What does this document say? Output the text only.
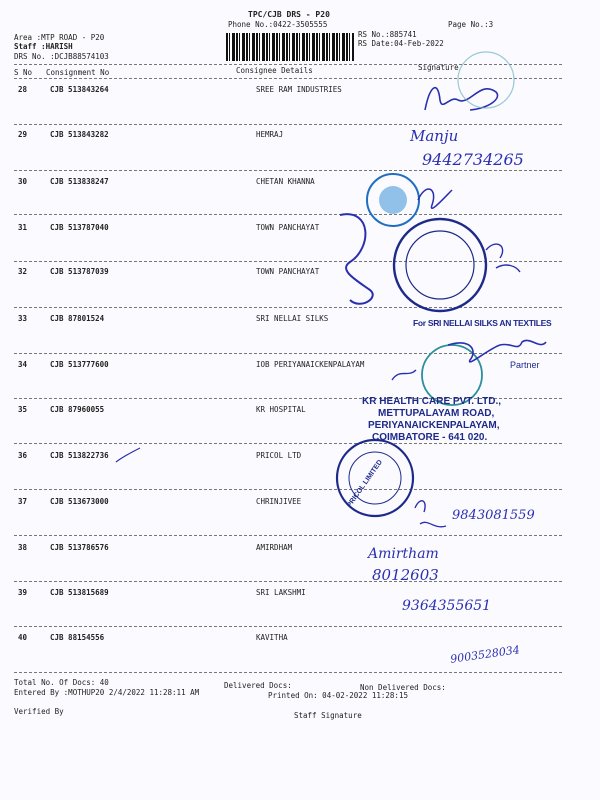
TPC/CJB DRS - P20
Phone No.:0422-3505555	Page No.:3
Area :MTP ROAD - P20
Staff :HARISH
DRS No. :DCJB88574103
RS No.:885741
RS Date:04-Feb-2022
S No Consignment No	Consignee Details	Signature
28	CJB 513843264	SREE RAM INDUSTRIES
29	CJB 513843282	HEMRAJ
30	CJB 513838247	CHETAN KHANNA
31	CJB 513787040	TOWN PANCHAYAT
32	CJB 513787039	TOWN PANCHAYAT
33	CJB 87801524	SRI NELLAI SILKS
34	CJB 513777600	IOB PERIYANAICKENPALAYAM
35	CJB 87960055	KR HOSPITAL
36	CJB 513822736	PRICOL LTD
37	CJB 513673000	CHRINJIVEE
38	CJB 513786576	AMIRDHAM
39	CJB 513815689	SRI LAKSHMI
40	CJB 88154556	KAVITHA
For SRI NELLAI SILKS AN TEXTILES
Partner
KR HEALTH CARE PVT. LTD.,
METTUPALAYAM ROAD,
PERIYANAICKENPALAYAM,
COIMBATORE - 641 020.
PRICOL LIMITED
Manju
9442734265
9843081559
Amirtham
8012603
9364355651
9003528034
Total No. Of Docs: 40	Delivered Docs:	Non Delivered Docs:
Entered By :MOTHUP20 2/4/2022 11:28:11 AM	Printed On: 04-02-2022 11:28:15
Verified By	Staff Signature
